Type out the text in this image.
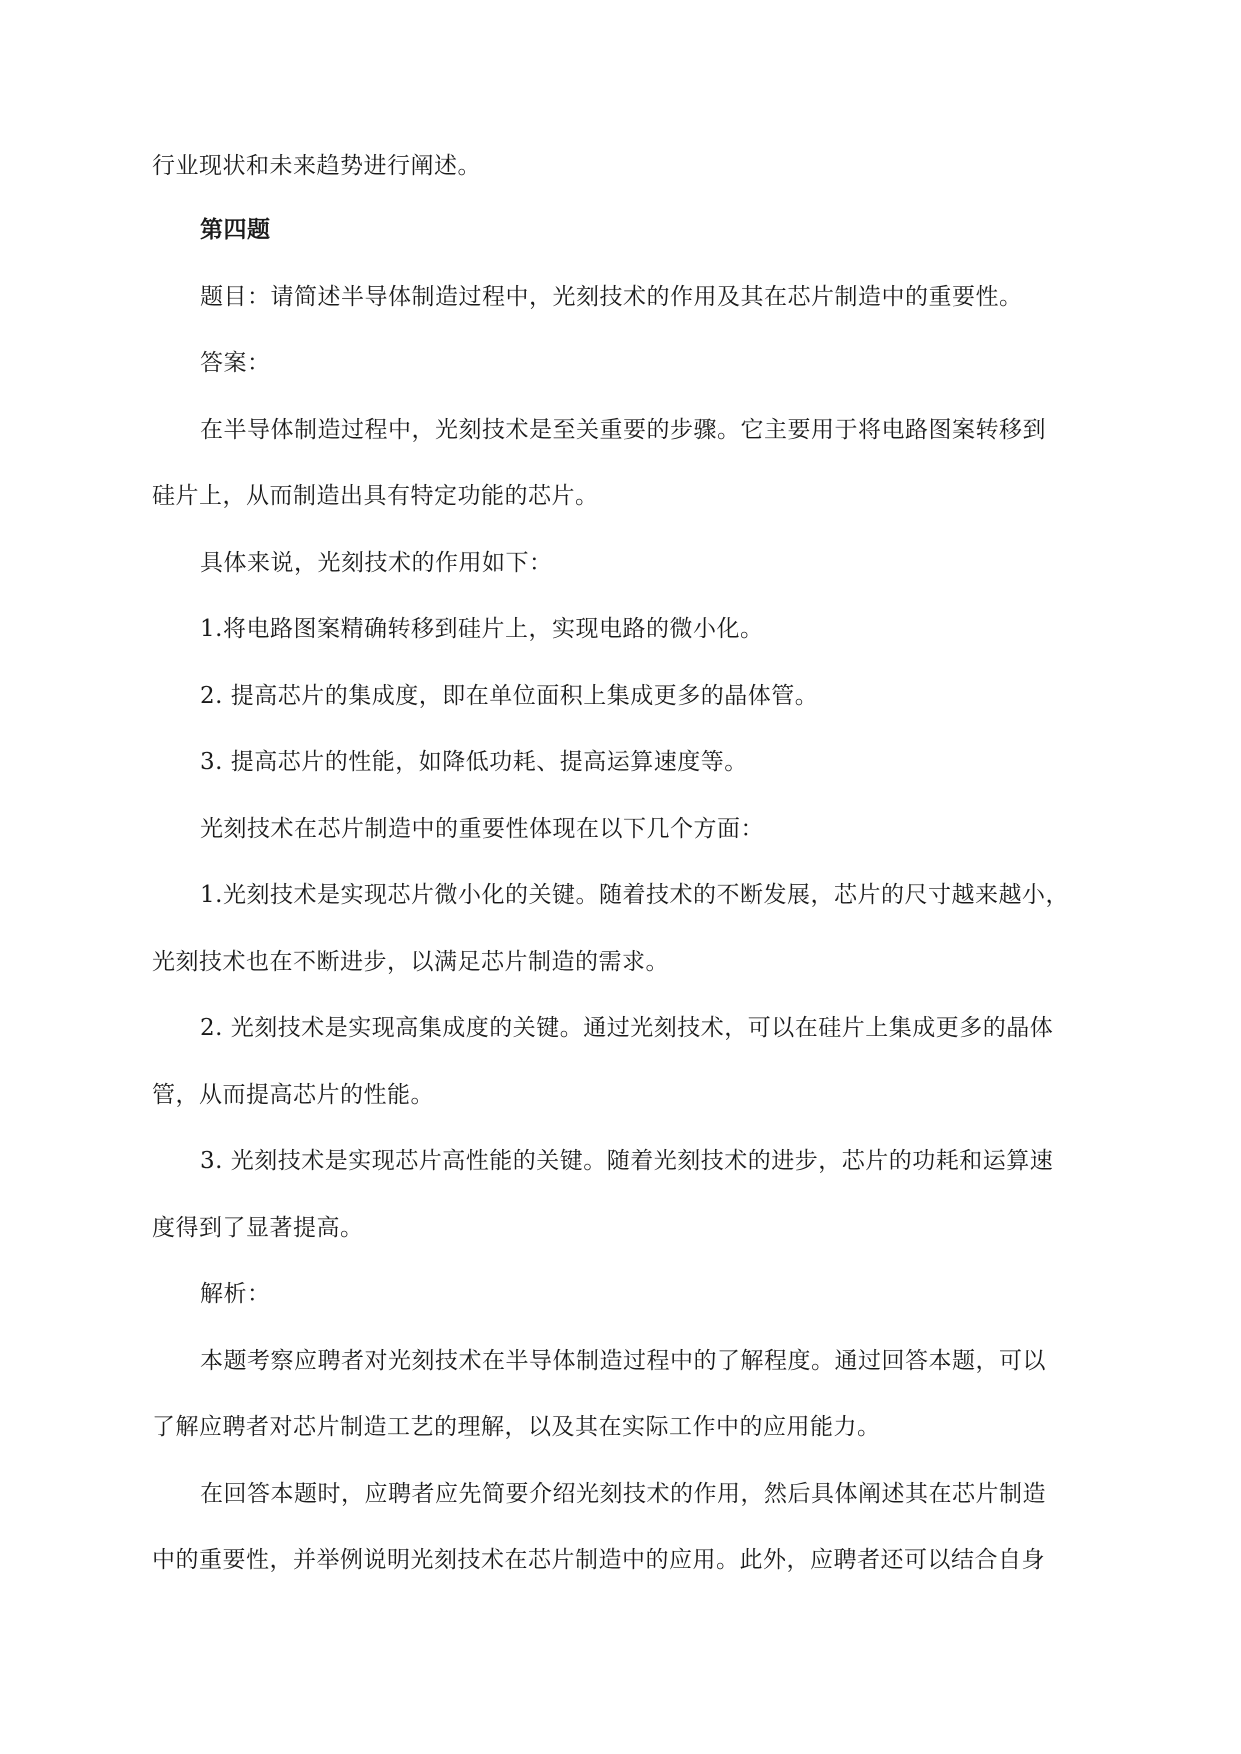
行业现状和未来趋势进行阐述。
第四题
题目：请简述半导体制造过程中，光刻技术的作用及其在芯片制造中的重要性。
答案：
在半导体制造过程中，光刻技术是至关重要的步骤。它主要用于将电路图案转移到
硅片上，从而制造出具有特定功能的芯片。
具体来说，光刻技术的作用如下：
1.将电路图案精确转移到硅片上，实现电路的微小化。
2. 提高芯片的集成度，即在单位面积上集成更多的晶体管。
3. 提高芯片的性能，如降低功耗、提高运算速度等。
光刻技术在芯片制造中的重要性体现在以下几个方面：
1.光刻技术是实现芯片微小化的关键。随着技术的不断发展，芯片的尺寸越来越小，
光刻技术也在不断进步，以满足芯片制造的需求。
2. 光刻技术是实现高集成度的关键。通过光刻技术，可以在硅片上集成更多的晶体
管，从而提高芯片的性能。
3. 光刻技术是实现芯片高性能的关键。随着光刻技术的进步，芯片的功耗和运算速
度得到了显著提高。
解析：
本题考察应聘者对光刻技术在半导体制造过程中的了解程度。通过回答本题，可以
了解应聘者对芯片制造工艺的理解，以及其在实际工作中的应用能力。
在回答本题时，应聘者应先简要介绍光刻技术的作用，然后具体阐述其在芯片制造
中的重要性，并举例说明光刻技术在芯片制造中的应用。此外，应聘者还可以结合自身
